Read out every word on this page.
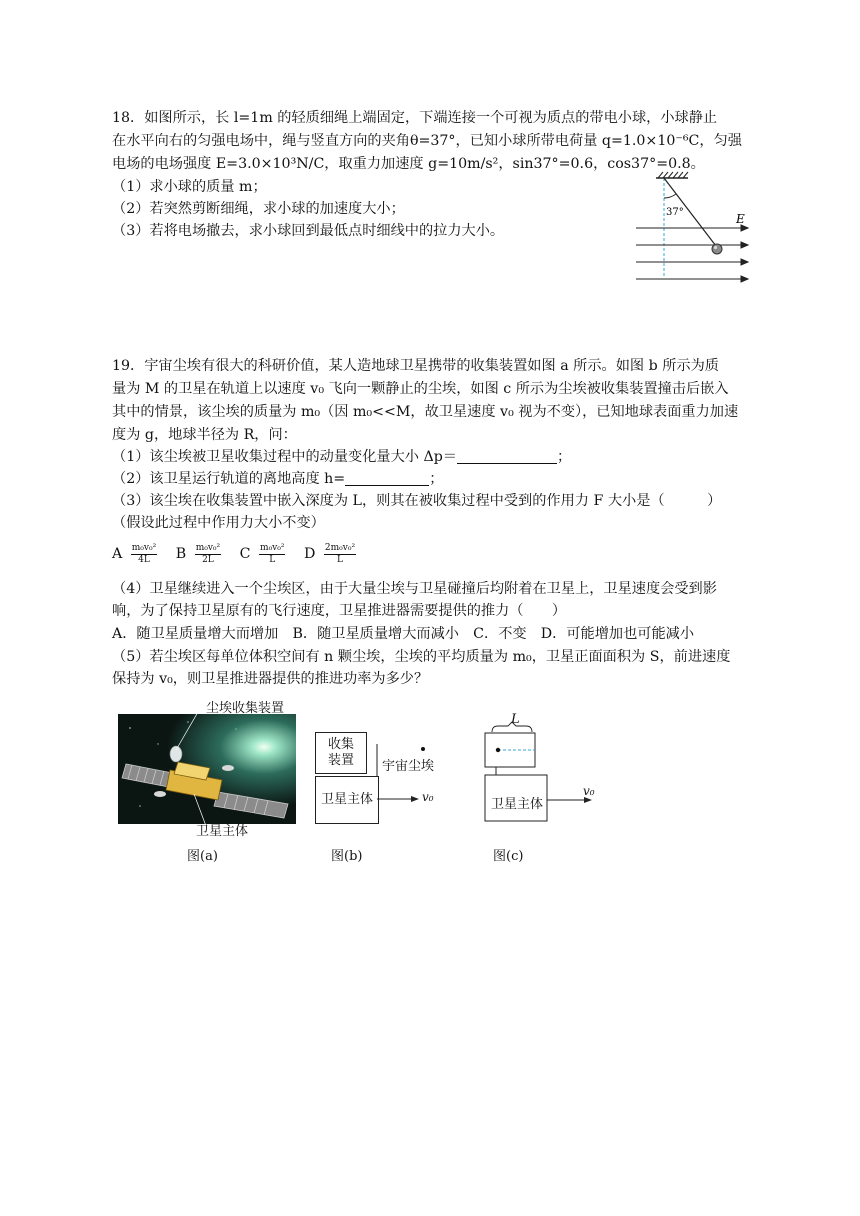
18．如图所示，长 l=1m 的轻质细绳上端固定，下端连接一个可视为质点的带电小球，小球静止
在水平向右的匀强电场中，绳与竖直方向的夹角θ=37°，已知小球所带电荷量 q=1.0×10⁻⁶C，匀强
电场的电场强度 E=3.0×10³N/C，取重力加速度 g=10m/s²，sin37°=0.6，cos37°=0.8。
（1）求小球的质量 m；
（2）若突然剪断细绳，求小球的加速度大小；
（3）若将电场撤去，求小球回到最低点时细线中的拉力大小。
37°	E
19．宇宙尘埃有很大的科研价值，某人造地球卫星携带的收集装置如图 a 所示。如图 b 所示为质
量为 M 的卫星在轨道上以速度 v₀ 飞向一颗静止的尘埃，如图 c 所示为尘埃被收集装置撞击后嵌入
其中的情景，该尘埃的质量为 m₀（因 m₀<<M，故卫星速度 v₀ 视为不变），已知地球表面重力加速
度为 g，地球半径为 R，问：
（1）该尘埃被卫星收集过程中的动量变化量大小 Δp＝	；
（2）该卫星运行轨道的离地高度 h=	；
（3）该尘埃在收集装置中嵌入深度为 L，则其在被收集过程中受到的作用力 F 大小是（　　　）
（假设此过程中作用力大小不变）
A $\frac{\text{m₀v₀²}}{4L}$ B $\frac{\text{m₀v₀²}}{2L}$ C $\frac{\text{m₀v₀²}}{L}$ D $\frac{\text{2m₀v₀²}}{L}$
（4）卫星继续进入一个尘埃区，由于大量尘埃与卫星碰撞后均附着在卫星上，卫星速度会受到影
响，为了保持卫星原有的飞行速度，卫星推进器需要提供的推力（　　）
A．随卫星质量增大而增加　B．随卫星质量增大而减小　C．不变　D．可能增加也可能减小
（5）若尘埃区每单位体积空间有 n 颗尘埃，尘埃的平均质量为 m₀，卫星正面面积为 S，前进速度
保持为 v₀，则卫星推进器提供的推进功率为多少？
尘埃收集装置
卫星主体
图(a)
收集装置
卫星主体
宇宙尘埃
v₀
图(b)
L
卫星主体
v₀
图(c)
